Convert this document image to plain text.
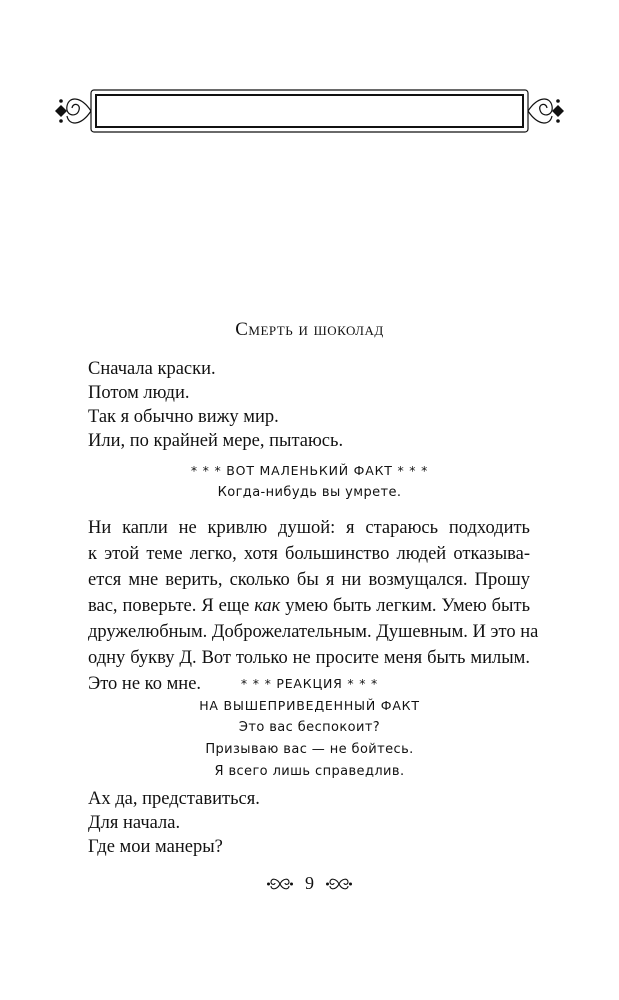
Смерть и шоколад
Сначала краски.
Потом люди.
Так я обычно вижу мир.
Или, по крайней мере, пытаюсь.
* * * ВОТ МАЛЕНЬКИЙ ФАКТ * * *
Когда-нибудь вы умрете.
Ни капли не кривлю душой: я стараюсь подходить
к этой теме легко, хотя большинство людей отказыва-
ется мне верить, сколько бы я ни возмущался. Прошу
вас, поверьте. Я еще как умею быть легким. Умею быть
дружелюбным. Доброжелательным. Душевным. И это на
одну букву Д. Вот только не просите меня быть милым.
Это не ко мне.	* * * РЕАКЦИЯ * * *
НА ВЫШЕПРИВЕДЕННЫЙ ФАКТ
Это вас беспокоит?
Призываю вас — не бойтесь.
Я всего лишь справедлив.
Ах да, представиться.
Для начала.
Где мои манеры?
9
